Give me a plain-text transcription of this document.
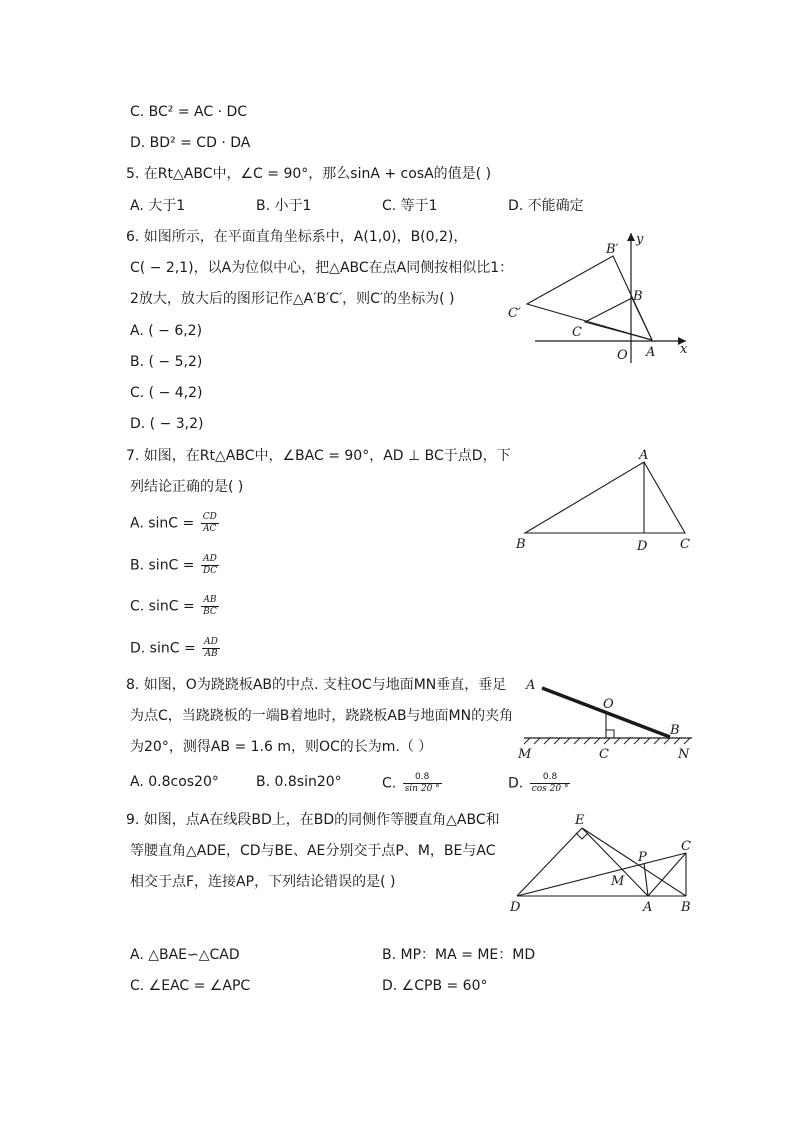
C. BC² = AC · DC
D. BD² = CD · DA
5. 在Rt△ABC中，∠C = 90°，那么sinA + cosA的值是( )
A. 大于1	B. 小于1	C. 等于1	D. 不能确定
6. 如图所示，在平面直角坐标系中，A(1,0)，B(0,2)，
C( − 2,1)，以A为位似中心，把△ABC在点A同侧按相似比1：
2放大，放大后的图形记作△A′B′C′，则C′的坐标为( )
A. ( − 6,2)
B. ( − 5,2)
C. ( − 4,2)
D. ( − 3,2)
B′
y
B
C′
C
O A x
7. 如图，在Rt△ABC中，∠BAC = 90°，AD ⊥ BC于点D，下
列结论正确的是( )
A. $\sin C = \frac{CD}{AC}$
B. $\sin C = \frac{AD}{DC}$
C. $\sin C = \frac{AB}{BC}$
D. $\sin C = \frac{AD}{AB}$
A
B	D	C
8. 如图，O为跷跷板AB的中点. 支柱OC与地面MN垂直，垂足
为点C，当跷跷板的一端B着地时，跷跷板AB与地面MN的夹角
为20°，测得AB = 1.6 m，则OC的长为m.（ ）
A. 0.8cos20°	B. 0.8sin20°	C. $\frac{0.8}{\sin 20 ^\circ}$	D. $\frac{0.8}{\cos 20 ^\circ}$
A
O
B
M	C	N
9. 如图，点A在线段BD上，在BD的同侧作等腰直角△ABC和
等腰直角△ADE，CD与BE、AE分别交于点P、M，BE与AC
相交于点F，连接AP，下列结论错误的是( )
A. △BAE∽△CAD	B. MP：MA = ME：MD
C. ∠EAC = ∠APC	D. ∠CPB = 60°
E
C
P
M
D	A B
